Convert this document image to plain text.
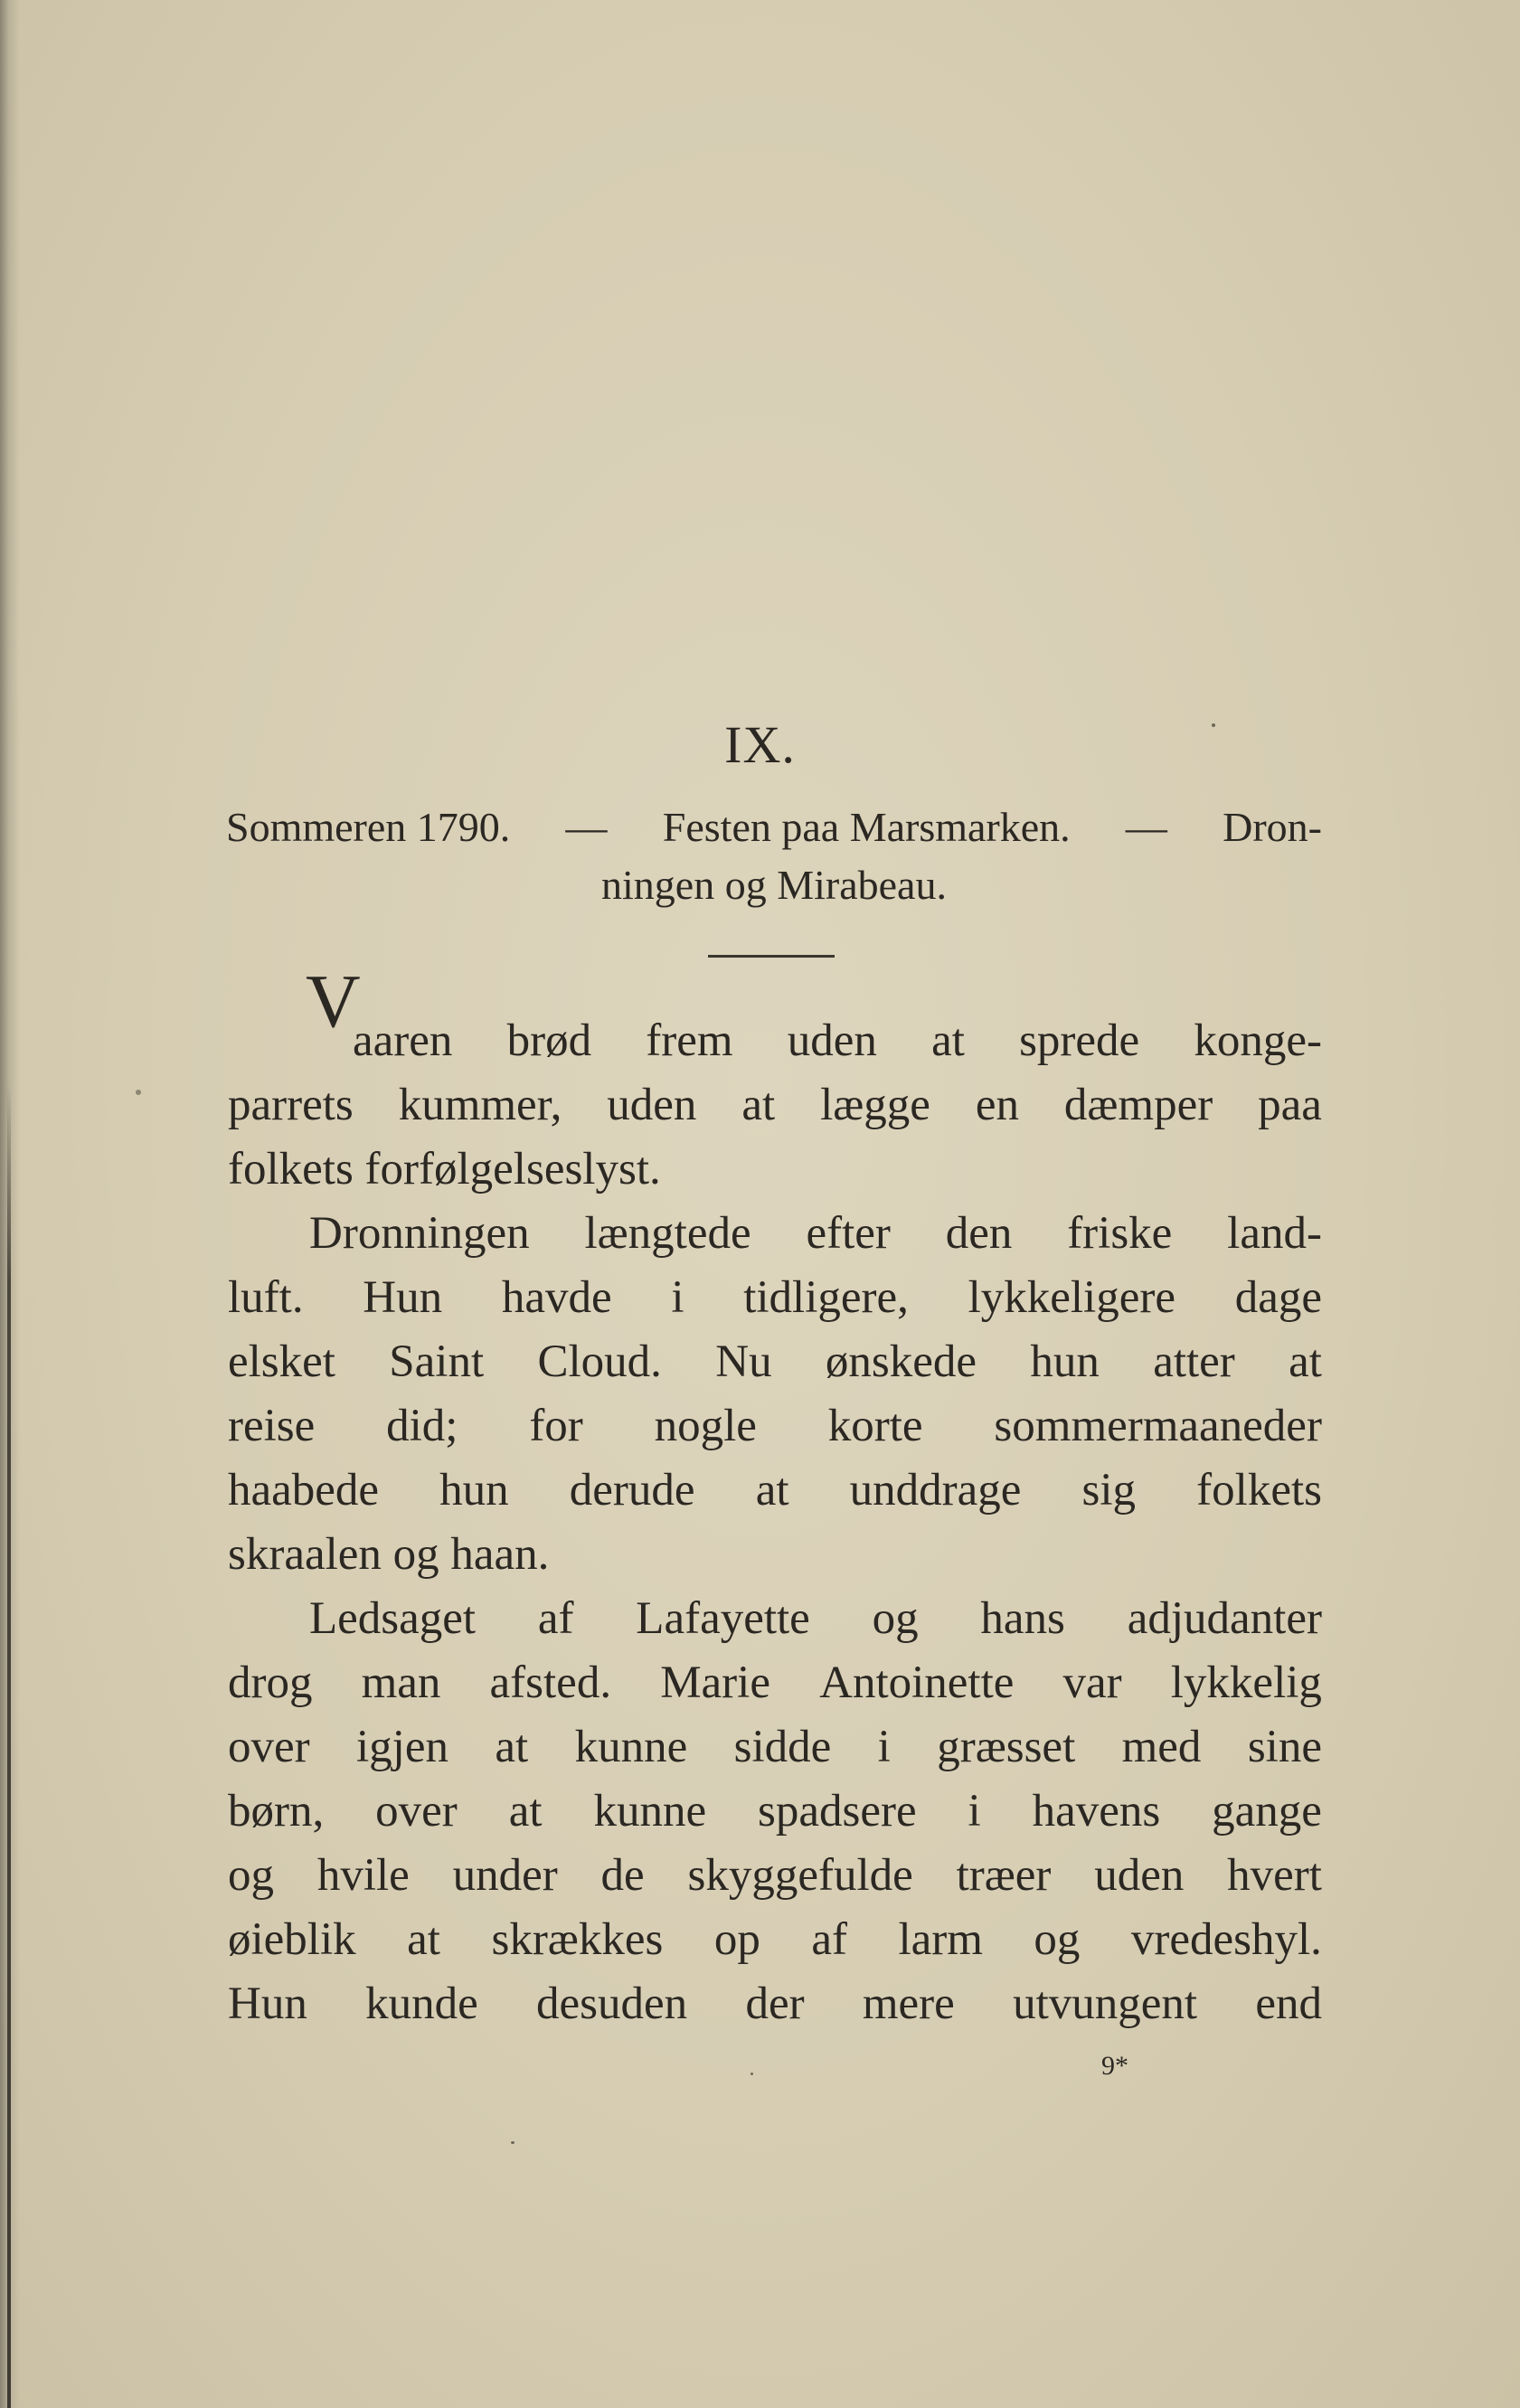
IX.
Sommeren 1790. — Festen paa Marsmarken. — Dron-
ningen og Mirabeau.
V
aaren brød frem uden at sprede konge-
parrets kummer, uden at lægge en dæmper paa
folkets forfølgelseslyst.
Dronningen længtede efter den friske land-
luft. Hun havde i tidligere, lykkeligere dage
elsket Saint Cloud. Nu ønskede hun atter at
reise did; for nogle korte sommermaaneder
haabede hun derude at unddrage sig folkets
skraalen og haan.
Ledsaget af Lafayette og hans adjudanter
drog man afsted. Marie Antoinette var lykkelig
over igjen at kunne sidde i græsset med sine
børn, over at kunne spadsere i havens gange
og hvile under de skyggefulde træer uden hvert
øieblik at skrækkes op af larm og vredeshyl.
Hun kunde desuden der mere utvungent end
9*
